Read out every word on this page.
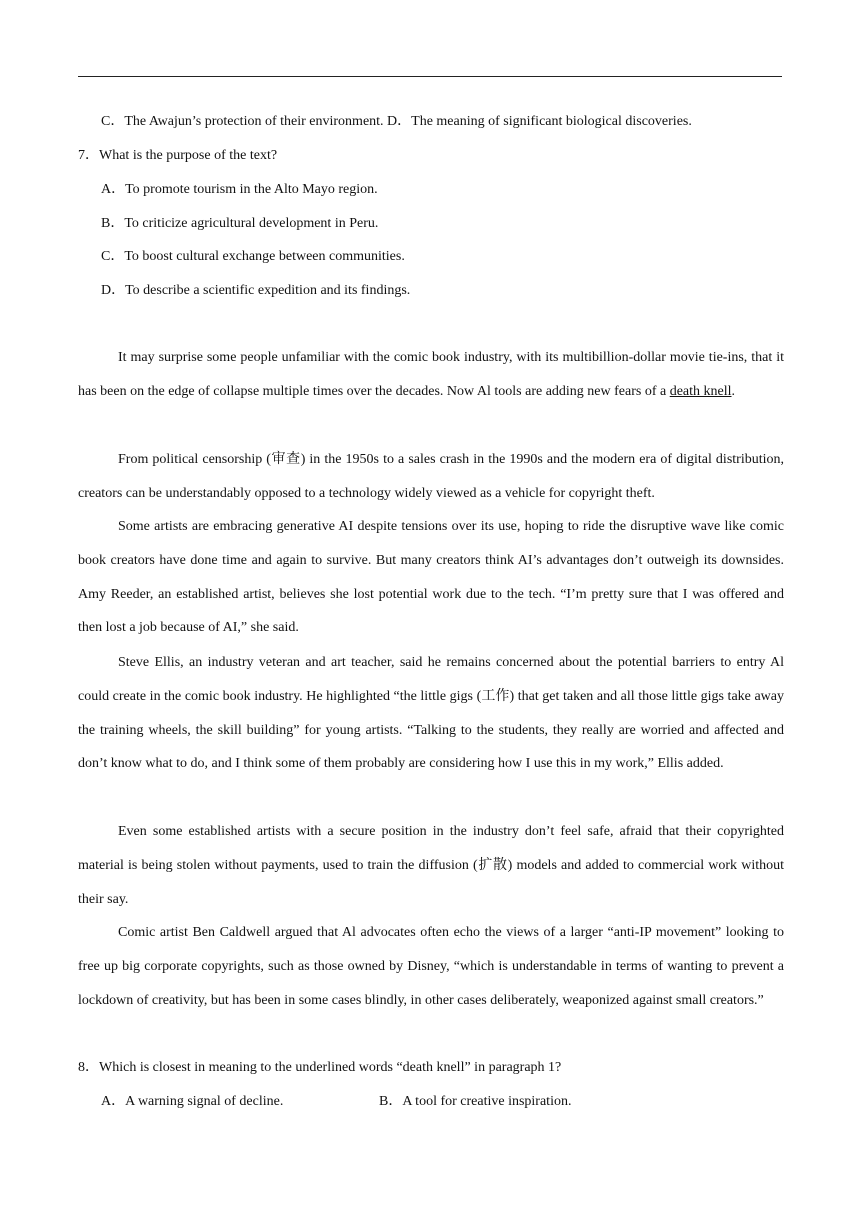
C．The Awajun’s protection of their environment. D．The meaning of significant biological discoveries.
7．What is the purpose of the text?
A．To promote tourism in the Alto Mayo region.
B．To criticize agricultural development in Peru.
C．To boost cultural exchange between communities.
D．To describe a scientific expedition and its findings.

It may surprise some people unfamiliar with the comic book industry, with its multibillion-dollar movie tie-ins, that it has been on the edge of collapse multiple times over the decades. Now Al tools are adding new fears of a death knell.

From political censorship (审查) in the 1950s to a sales crash in the 1990s and the modern era of digital distribution, creators can be understandably opposed to a technology widely viewed as a vehicle for copyright theft.

Some artists are embracing generative AI despite tensions over its use, hoping to ride the disruptive wave like comic book creators have done time and again to survive. But many creators think AI’s advantages don’t outweigh its downsides. Amy Reeder, an established artist, believes she lost potential work due to the tech. “I’m pretty sure that I was offered and then lost a job because of AI,” she said.

Steve Ellis, an industry veteran and art teacher, said he remains concerned about the potential barriers to entry Al could create in the comic book industry. He highlighted “the little gigs (工作) that get taken and all those little gigs take away the training wheels, the skill building” for young artists. “Talking to the students, they really are worried and affected and don’t know what to do, and I think some of them probably are considering how I use this in my work,” Ellis added.

Even some established artists with a secure position in the industry don’t feel safe, afraid that their copyrighted material is being stolen without payments, used to train the diffusion (扩散) models and added to commercial work without their say.

Comic artist Ben Caldwell argued that Al advocates often echo the views of a larger “anti-IP movement” looking to free up big corporate copyrights, such as those owned by Disney, “which is understandable in terms of wanting to prevent a lockdown of creativity, but has been in some cases blindly, in other cases deliberately, weaponized against small creators.”

8．Which is closest in meaning to the underlined words “death knell” in paragraph 1?
A．A warning signal of decline.	B．A tool for creative inspiration.
